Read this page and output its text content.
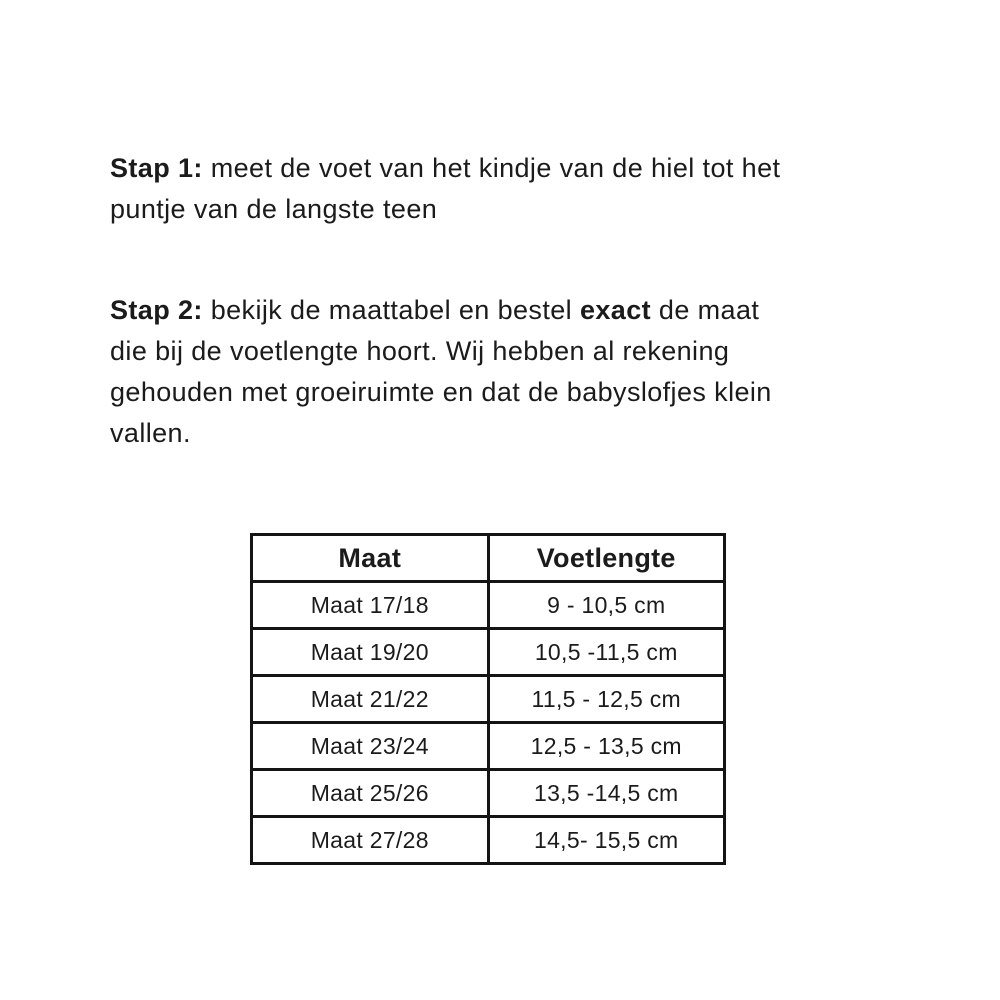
Stap 1: meet de voet van het kindje van de hiel tot het
puntje van de langste teen
Stap 2: bekijk de maattabel en bestel exact de maat
die bij de voetlengte hoort. Wij hebben al rekening
gehouden met groeiruimte en dat de babyslofjes klein
vallen.
Maat	Voetlengte
Maat 17/18	9 - 10,5 cm
Maat 19/20	10,5 -11,5 cm
Maat 21/22	11,5 - 12,5 cm
Maat 23/24	12,5 - 13,5 cm
Maat 25/26	13,5 -14,5 cm
Maat 27/28	14,5- 15,5 cm
